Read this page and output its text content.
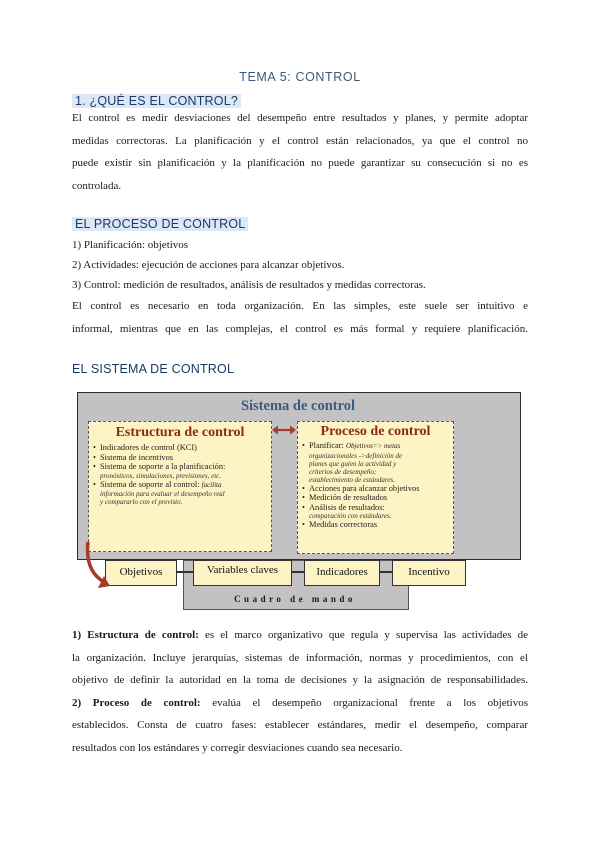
TEMA 5: CONTROL
1. ¿QUÉ ES EL CONTROL?
El control es medir desviaciones del desempeño entre resultados y planes, y permite adoptar
medidas correctoras. La planificación y el control están relacionados, ya que el control no
puede existir sin planificación y la planificación no puede garantizar su consecución si no es
controlada.
EL PROCESO DE CONTROL
1) Planificación: objetivos
2) Actividades: ejecución de acciones para alcanzar objetivos.
3) Control: medición de resultados, análisis de resultados y medidas correctoras.
El control es necesario en toda organización. En las simples, este suele ser intuitivo e
informal, mientras que en las complejas, el control es más formal y requiere planificación.
EL SISTEMA DE CONTROL
Sistema de control
Estructura de control
• Indicadores de control (KCI)
• Sistema de incentivos
• Sistema de soporte a la planificación:
pronósticos, simulaciones, previsiones, etc.
• Sistema de soporte al control: facilita
información para evaluar el desempeño real
y compararlo con el previsto.
Proceso de control
• Planificar: Objetivos=> metas
organizacionales ->definición de
planes que guíen la actividad y
criterios de desempeño;
establecimiento de estándares.
• Acciones para alcanzar objetivos
• Medición de resultados
• Análisis de resultados:
comparación con estándares.
• Medidas correctoras
Cuadro de mando
Objetivos	Variables claves	Indicadores	Incentivo
1) Estructura de control: es el marco organizativo que regula y supervisa las actividades de
la organización. Incluye jerarquías, sistemas de información, normas y procedimientos, con el
objetivo de definir la autoridad en la toma de decisiones y la asignación de responsabilidades.
2) Proceso de control: evalúa el desempeño organizacional frente a los objetivos
establecidos. Consta de cuatro fases: establecer estándares, medir el desempeño, comparar
resultados con los estándares y corregir desviaciones cuando sea necesario.
